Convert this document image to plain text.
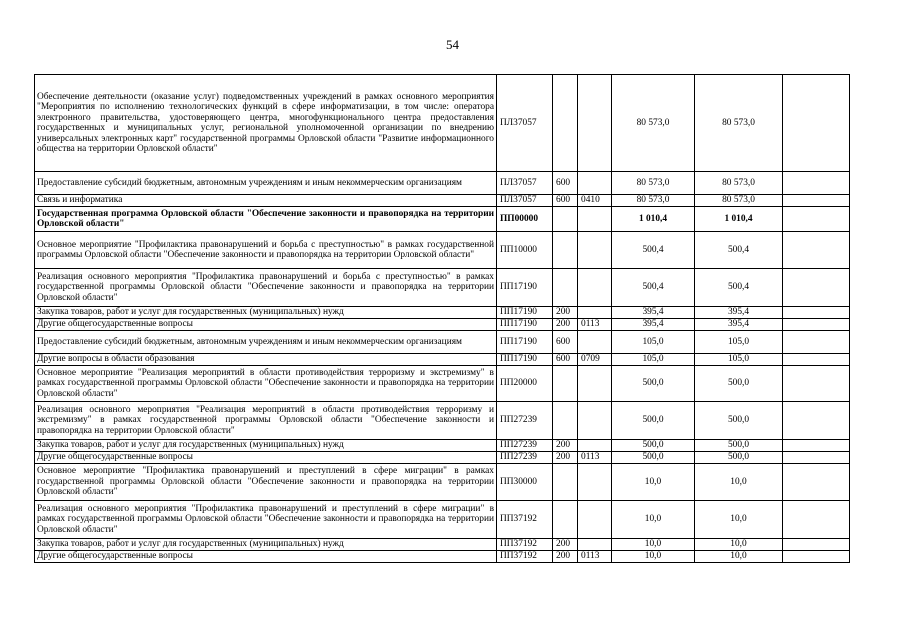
54
Обеспечение деятельности (оказание услуг) подведомственных учреждений в рамках основного мероприятия "Мероприятия по исполнению технологических функций в сфере информатизации, в том числе: оператора электронного правительства, удостоверяющего центра, многофункционального центра предоставления государственных и муниципальных услуг, региональной уполномоченной организации по внедрению универсальных электронных карт" государственной программы Орловской области "Развитие информационного общества на территории Орловской области"	ПЛ37057			80 573,0	80 573,0	
Предоставление субсидий бюджетным, автономным учреждениям и иным некоммерческим организациям	ПЛ37057	600		80 573,0	80 573,0	
Связь и информатика	ПЛ37057	600	0410	80 573,0	80 573,0	
Государственная программа Орловской области "Обеспечение законности и правопорядка на территории Орловской области"	ПП00000			1 010,4	1 010,4	
Основное мероприятие "Профилактика правонарушений и борьба с преступностью" в рамках государственной программы Орловской области "Обеспечение законности и правопорядка на территории Орловской области"	ПП10000			500,4	500,4	
Реализация основного мероприятия "Профилактика правонарушений и борьба с преступностью" в рамках государственной программы Орловской области "Обеспечение законности и правопорядка на территории Орловской области"	ПП17190			500,4	500,4	
Закупка товаров, работ и услуг для государственных (муниципальных) нужд	ПП17190	200		395,4	395,4	
Другие общегосударственные вопросы	ПП17190	200	0113	395,4	395,4	
Предоставление субсидий бюджетным, автономным учреждениям и иным некоммерческим организациям	ПП17190	600		105,0	105,0	
Другие вопросы в области образования	ПП17190	600	0709	105,0	105,0	
Основное мероприятие "Реализация мероприятий в области противодействия терроризму и экстремизму" в рамках государственной программы Орловской области "Обеспечение законности и правопорядка на территории Орловской области"	ПП20000			500,0	500,0	
Реализация основного мероприятия "Реализация мероприятий в области противодействия терроризму и экстремизму" в рамках государственной программы Орловской области "Обеспечение законности и правопорядка на территории Орловской области"	ПП27239			500,0	500,0	
Закупка товаров, работ и услуг для государственных (муниципальных) нужд	ПП27239	200		500,0	500,0	
Другие общегосударственные вопросы	ПП27239	200	0113	500,0	500,0	
Основное мероприятие "Профилактика правонарушений и преступлений в сфере миграции" в рамках государственной программы Орловской области "Обеспечение законности и правопорядка на территории Орловской области"	ПП30000			10,0	10,0	
Реализация основного мероприятия "Профилактика правонарушений и преступлений в сфере миграции" в рамках государственной программы Орловской области "Обеспечение законности и правопорядка на территории Орловской области"	ПП37192			10,0	10,0	
Закупка товаров, работ и услуг для государственных (муниципальных) нужд	ПП37192	200		10,0	10,0	
Другие общегосударственные вопросы	ПП37192	200	0113	10,0	10,0	
